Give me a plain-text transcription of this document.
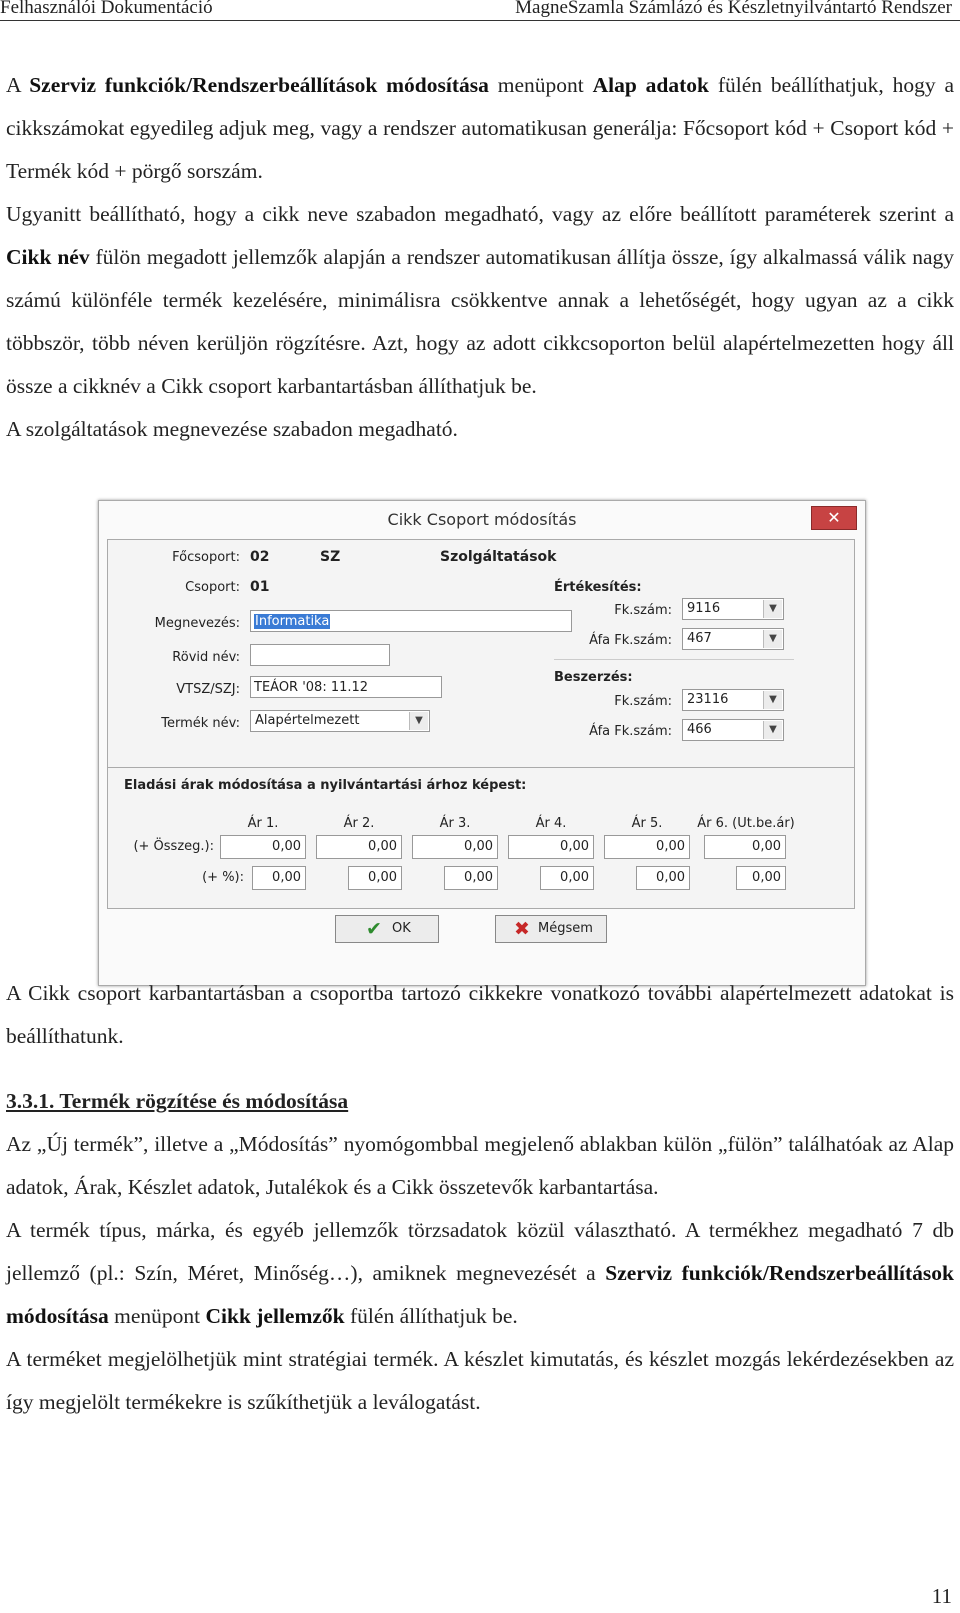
Felhasználói Dokumentáció	MagneSzamla Számlázó és Készletnyilvántartó Rendszer

A Szerviz funkciók/Rendszerbeállítások módosítása menüpont Alap adatok fülén beállíthatjuk, hogy a cikkszámokat egyedileg adjuk meg, vagy a rendszer automatikusan generálja: Főcsoport kód + Csoport kód + Termék kód + pörgő sorszám.

Ugyanitt beállítható, hogy a cikk neve szabadon megadható, vagy az előre beállított paraméterek szerint a Cikk név fülön megadott jellemzők alapján a rendszer automatikusan állítja össze, így alkalmassá válik nagy számú különféle termék kezelésére, minimálisra csökkentve annak a lehetőségét, hogy ugyan az a cikk többször, több néven kerüljön rögzítésre. Azt, hogy az adott cikkcsoporton belül alapértelmezetten hogy áll össze a cikknév a Cikk csoport karbantartásban állíthatjuk be.

A szolgáltatások megnevezése szabadon megadható.

Cikk Csoport módosítás	✕
Főcsoport: 02	SZ	Szolgáltatások
Csoport: 01
Megnevezés:	Informatika
Rövid név:
VTSZ/SZJ:	TEÁOR '08: 11.12
Termék név:	Alapértelmezett	▼
Értékesítés:
Fk.szám:	9116	▼
Áfa Fk.szám:	467	▼
Beszerzés:
Fk.szám:	23116	▼
Áfa Fk.szám:	466	▼
Eladási árak módosítása a nyilvántartási árhoz képest:
Ár 1.	Ár 2.	Ár 3.	Ár 4.	Ár 5.	Ár 6. (Ut.be.ár)
(+ Összeg.):	0,00	0,00	0,00	0,00	0,00	0,00
(+ %):	0,00	0,00	0,00	0,00	0,00	0,00
✔ OK	✖ Mégsem

A Cikk csoport karbantartásban a csoportba tartozó cikkekre vonatkozó további alapértelmezett adatokat is beállíthatunk.

3.3.1. Termék rögzítése és módosítása

Az „Új termék”, illetve a „Módosítás” nyomógombbal megjelenő ablakban külön „fülön” találhatóak az Alap adatok, Árak, Készlet adatok, Jutalékok és a Cikk összetevők karbantartása.

A termék típus, márka, és egyéb jellemzők törzsadatok közül választható. A termékhez megadható 7 db jellemző (pl.: Szín, Méret, Minőség…), amiknek megnevezését a Szerviz funkciók/Rendszerbeállítások módosítása menüpont Cikk jellemzők fülén állíthatjuk be.

A terméket megjelölhetjük mint stratégiai termék. A készlet kimutatás, és készlet mozgás lekérdezésekben az így megjelölt termékekre is szűkíthetjük a leválogatást.

11
